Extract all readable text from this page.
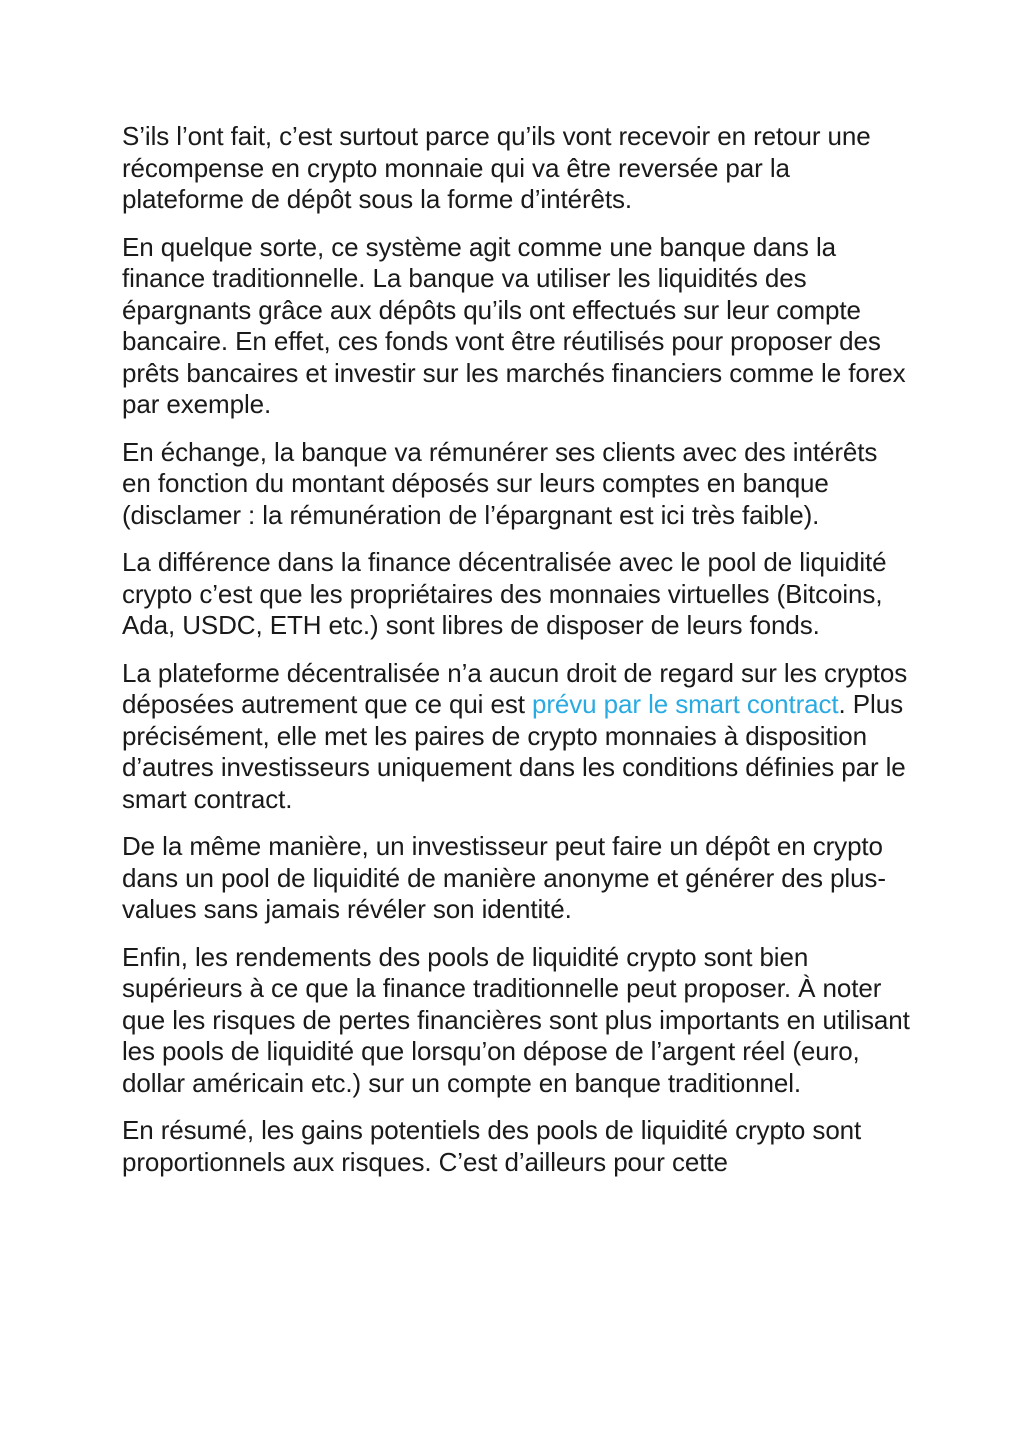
S’ils l’ont fait, c’est surtout parce qu’ils vont recevoir en retour une récompense en crypto monnaie qui va être reversée par la plateforme de dépôt sous la forme d’intérêts.

En quelque sorte, ce système agit comme une banque dans la finance traditionnelle. La banque va utiliser les liquidités des épargnants grâce aux dépôts qu’ils ont effectués sur leur compte bancaire. En effet, ces fonds vont être réutilisés pour proposer des prêts bancaires et investir sur les marchés financiers comme le forex par exemple.

En échange, la banque va rémunérer ses clients avec des intérêts en fonction du montant déposés sur leurs comptes en banque (disclamer : la rémunération de l’épargnant est ici très faible).

La différence dans la finance décentralisée avec le pool de liquidité crypto c’est que les propriétaires des monnaies virtuelles (Bitcoins, Ada, USDC, ETH etc.) sont libres de disposer de leurs fonds.

La plateforme décentralisée n’a aucun droit de regard sur les cryptos déposées autrement que ce qui est prévu par le smart contract. Plus précisément, elle met les paires de crypto monnaies à disposition d’autres investisseurs uniquement dans les conditions définies par le smart contract.

De la même manière, un investisseur peut faire un dépôt en crypto dans un pool de liquidité de manière anonyme et générer des plus-values sans jamais révéler son identité.

Enfin, les rendements des pools de liquidité crypto sont bien supérieurs à ce que la finance traditionnelle peut proposer. À noter que les risques de pertes financières sont plus importants en utilisant les pools de liquidité que lorsqu’on dépose de l’argent réel (euro, dollar américain etc.) sur un compte en banque traditionnel.

En résumé, les gains potentiels des pools de liquidité crypto sont proportionnels aux risques. C’est d’ailleurs pour cette
